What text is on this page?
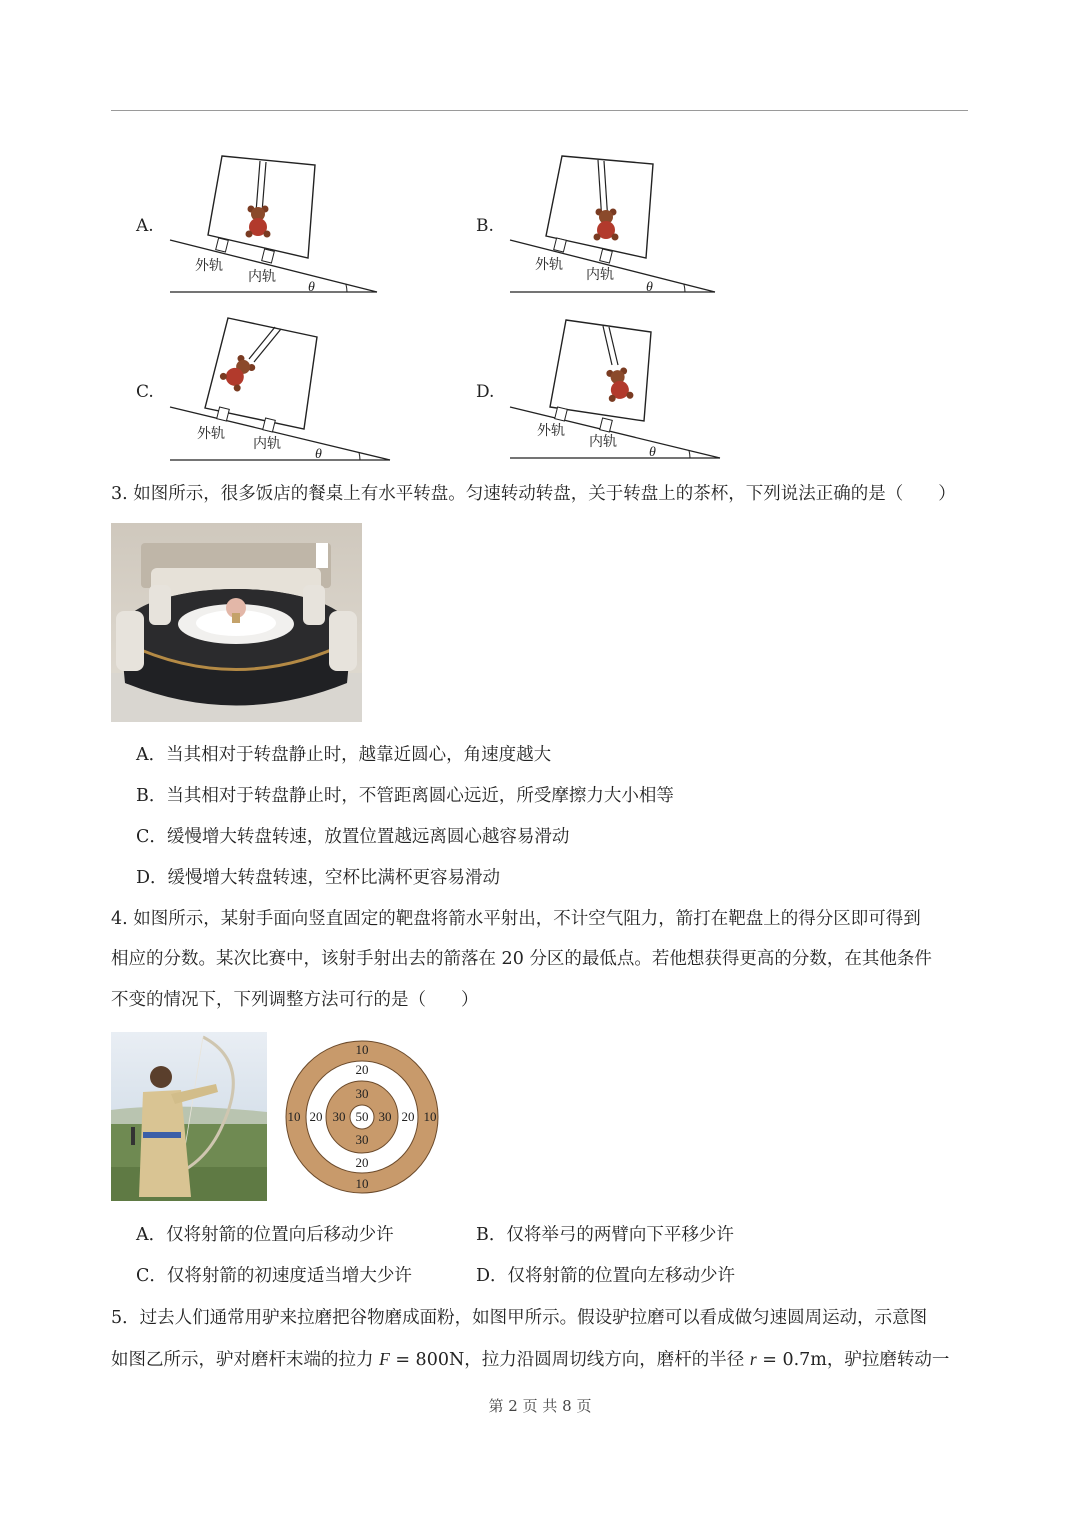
A.	B.
C.	D.
θ
外轨
内轨
θ
外轨
内轨
θ
外轨
内轨
θ
外轨
内轨
3. 如图所示，很多饭店的餐桌上有水平转盘。匀速转动转盘，关于转盘上的茶杯，下列说法正确的是（　　）
A．当其相对于转盘静止时，越靠近圆心，角速度越大
B．当其相对于转盘静止时，不管距离圆心远近，所受摩擦力大小相等
C．缓慢增大转盘转速，放置位置越远离圆心越容易滑动
D．缓慢增大转盘转速，空杯比满杯更容易滑动
4. 如图所示，某射手面向竖直固定的靶盘将箭水平射出，不计空气阻力，箭打在靶盘上的得分区即可得到
相应的分数。某次比赛中，该射手射出去的箭落在 20 分区的最低点。若他想获得更高的分数，在其他条件
不变的情况下，下列调整方法可行的是（　　）
10
20
30
50
30
20
10
10 20 30	30 20 10
A．仅将射箭的位置向后移动少许	B．仅将举弓的两臂向下平移少许
C．仅将射箭的初速度适当增大少许	D．仅将射箭的位置向左移动少许
5．过去人们通常用驴来拉磨把谷物磨成面粉，如图甲所示。假设驴拉磨可以看成做匀速圆周运动，示意图
如图乙所示，驴对磨杆末端的拉力 F = 800N，拉力沿圆周切线方向，磨杆的半径 r = 0.7m，驴拉磨转动一
第 2 页 共 8 页
